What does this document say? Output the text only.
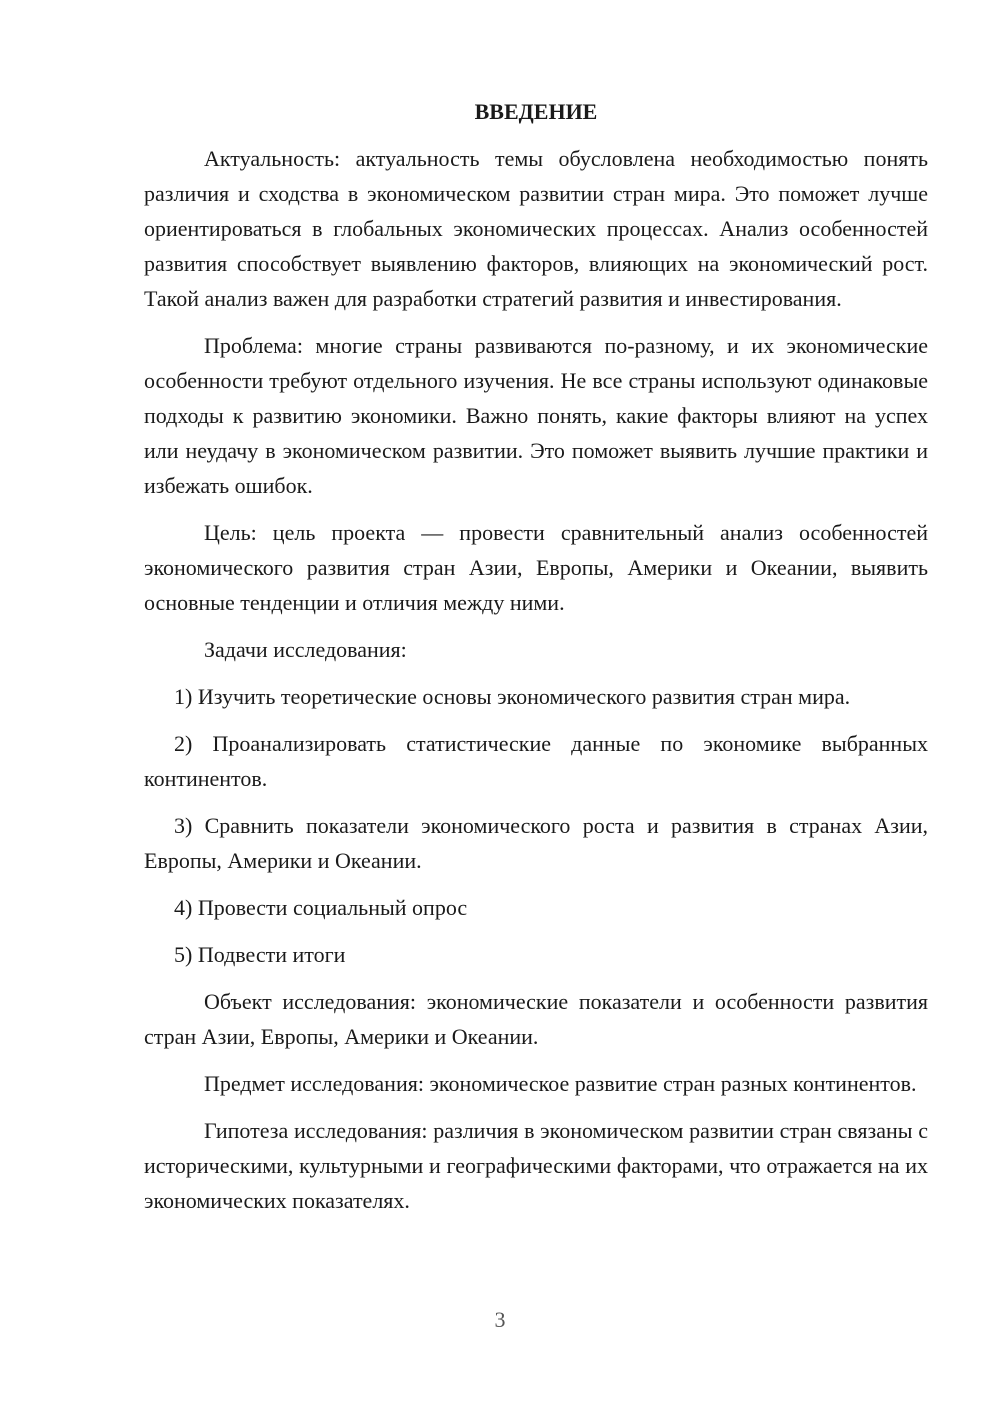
ВВЕДЕНИЕ

Актуальность: актуальность темы обусловлена необходимостью понять различия и сходства в экономическом развитии стран мира. Это поможет лучше ориентироваться в глобальных экономических процессах. Анализ особенностей развития способствует выявлению факторов, влияющих на экономический рост. Такой анализ важен для разработки стратегий развития и инвестирования.

Проблема: многие страны развиваются по-разному, и их экономические особенности требуют отдельного изучения. Не все страны используют одинаковые подходы к развитию экономики. Важно понять, какие факторы влияют на успех или неудачу в экономическом развитии. Это поможет выявить лучшие практики и избежать ошибок.

Цель: цель проекта — провести сравнительный анализ особенностей экономического развития стран Азии, Европы, Америки и Океании, выявить основные тенденции и отличия между ними.

Задачи исследования:

1) Изучить теоретические основы экономического развития стран мира.
2) Проанализировать статистические данные по экономике выбранных континентов.
3) Сравнить показатели экономического роста и развития в странах Азии, Европы, Америки и Океании.
4) Провести социальный опрос
5) Подвести итоги

Объект исследования: экономические показатели и особенности развития стран Азии, Европы, Америки и Океании.

Предмет исследования: экономическое развитие стран разных континентов.

Гипотеза исследования: различия в экономическом развитии стран связаны с историческими, культурными и географическими факторами, что отражается на их экономических показателях.

3
